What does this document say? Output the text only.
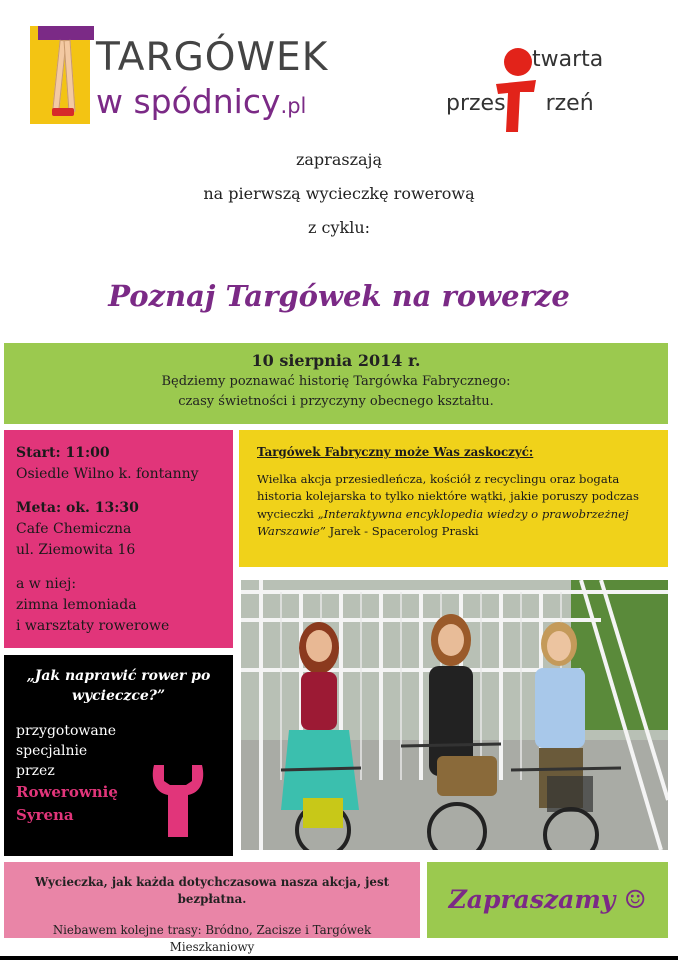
TARGÓWEK
w spódnicy.pl
twarta
przes rzeń
zapraszają
na pierwszą wycieczkę rowerową
z cyklu:
Poznaj Targówek na rowerze
10 sierpnia 2014 r.
Będziemy poznawać historię Targówka Fabrycznego:
czasy świetności i przyczyny obecnego kształtu.
Start: 11:00
Osiedle Wilno k. fontanny
Meta: ok. 13:30
Cafe Chemiczna
ul. Ziemowita 16
a w niej:
zimna lemoniada
i warsztaty rowerowe
Targówek Fabryczny może Was zaskoczyć:
Wielka akcja przesiedleńcza, kościół z recyclingu oraz bogata historia kolejarska to tylko niektóre wątki, jakie poruszy podczas wycieczki „Interaktywna encyklopedia wiedzy o prawobrzeżnej Warszawie” Jarek - Spacerolog Praski
„Jak naprawić rower po wycieczce?”
przygotowane
specjalnie
przez
Rowerownię
Syrena
Wycieczka, jak każda dotychczasowa nasza akcja, jest bezpłatna.
Niebawem kolejne trasy: Bródno, Zacisze i Targówek Mieszkaniowy
Zapraszamy ☺
